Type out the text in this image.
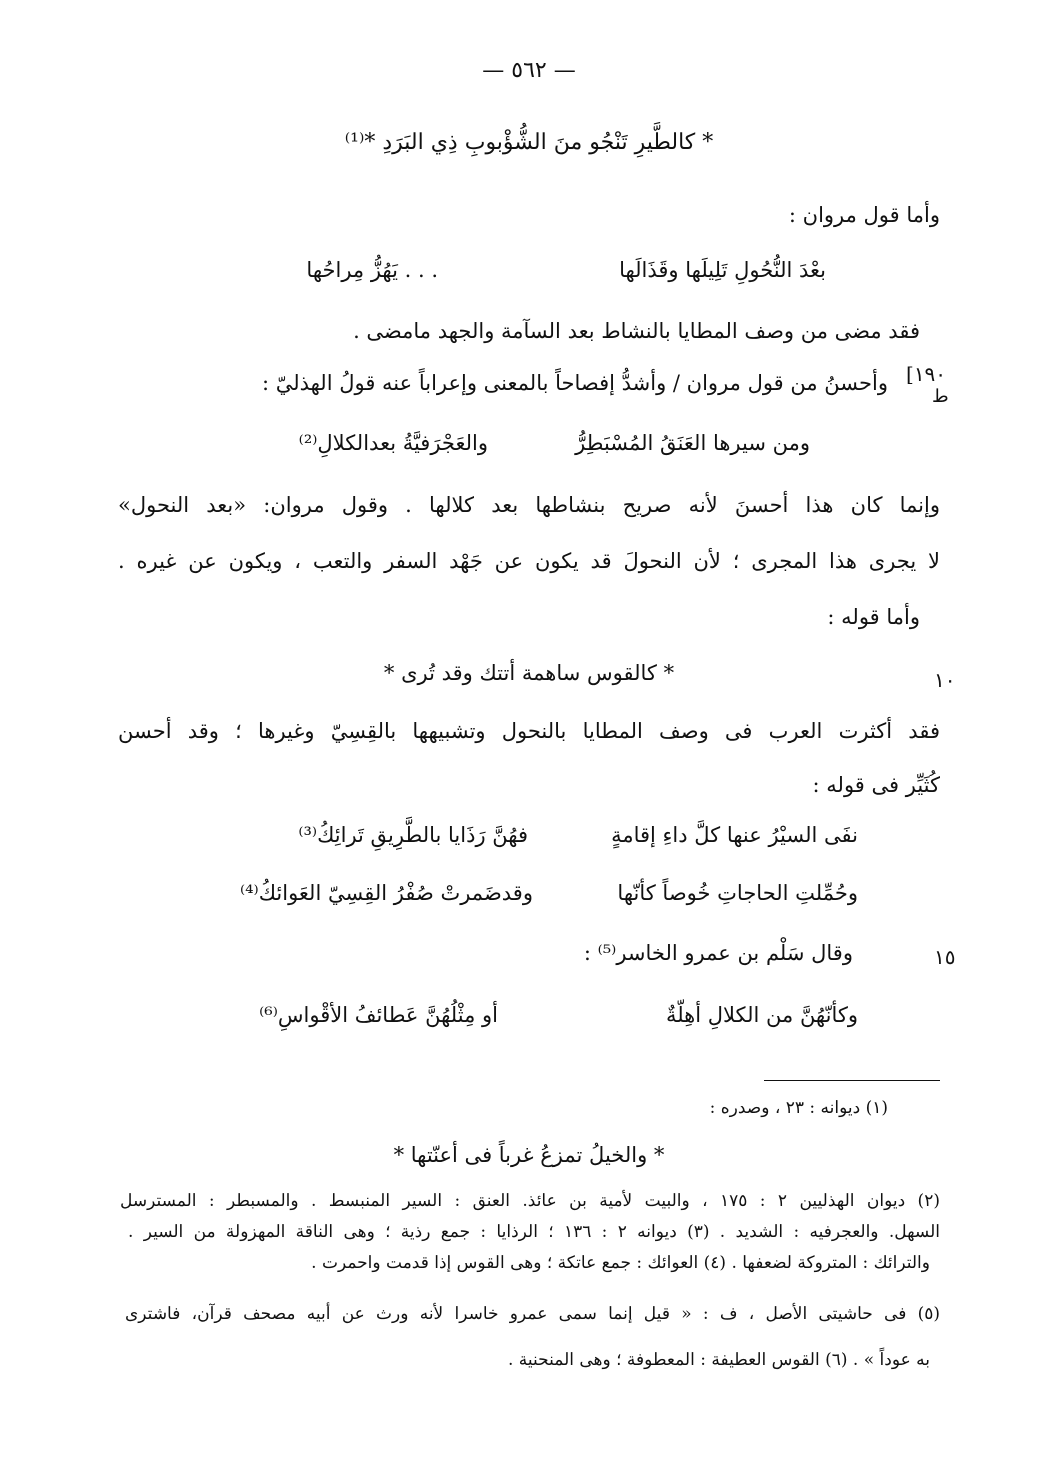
— ٥٦٢ —
* كالطَّيرِ تَنْجُو منَ الشُّؤْبوبِ ذِي البَرَدِ *⁽¹⁾
وأما قول مروان :
. . . يَهُزُّ مِراحُها	بعْدَ النُّحُولِ تَلِيلَها وقَذَالَها
فقد مضى من وصف المطايا بالنشاط بعد السآمة والجهد مامضى .
[١٩٠
ط
وأحسنُ من قول مروان / وأشدُّ إفصاحاً بالمعنى وإعراباً عنه قولُ الهذليّ :
ومن سيرها العَنَقُ المُسْبَطِرُّ
والعَجْرَفيَّةُ بعدالكلالِ⁽²⁾
وإنما كان هذا أحسنَ لأنه صريح بنشاطها بعد كلالها . وقول مروان: «بعد النحول»
لا يجرى هذا المجرى ؛ لأن النحولَ قد يكون عن جَهْد السفر والتعب ، ويكون عن غيره .
وأما قوله :
١٠
* كالقوس ساهمة أتتك وقد تُرى *
فقد أكثرت العرب فى وصف المطايا بالنحول وتشبيهها بالقِسِيّ وغيرها ؛ وقد أحسن
كُثَيِّر فى قوله :
نفَى السيْرُ عنها كلَّ داءِ إقامةٍ
فهُنَّ رَذَايا بالطَّرِيقِ تَرائِكُ⁽³⁾
وحُمِّلتِ الحاجاتِ خُوصاً كأنّها
وقدضَمرتْ صُفْرُ القِسِيّ العَوائكُ⁽⁴⁾
١٥
وقال سَلْم بن عمرو الخاسر⁽⁵⁾ :
وكأنّهُنَّ من الكلالِ أهِلّةٌ
أو مِثْلُهُنَّ عَطائفُ الأقْواسِ⁽⁶⁾
(١) ديوانه : ٢٣ ، وصدره :
* والخيلُ تمزعُ غرباً فى أعنّتها *
(٢) ديوان الهذليين ٢ : ١٧٥ ، والبيت لأمية بن عائذ. العنق : السير المنبسط . والمسبطر : المسترسل
السهل. والعجرفيه : الشديد . (٣) ديوانه ٢ : ١٣٦ ؛ الرذايا : جمع رذية ؛ وهى الناقة المهزولة من السير .
والترائك : المتروكة لضعفها . (٤) العوائك : جمع عاتكة ؛ وهى القوس إذا قدمت واحمرت .
(٥) فى حاشيتى الأصل ، ف : « قيل إنما سمى عمرو خاسرا لأنه ورث عن أبيه مصحف قرآن، فاشترى
به عوداً » . (٦) القوس العطيفة : المعطوفة ؛ وهى المنحنية .
